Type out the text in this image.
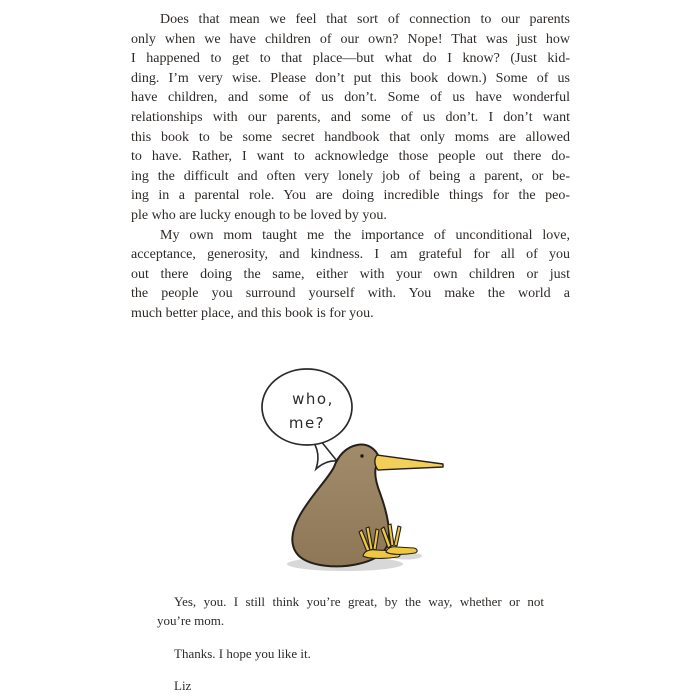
Does that mean we feel that sort of connection to our parents
only when we have children of our own? Nope! That was just how
I happened to get to that place—but what do I know? (Just kid-
ding. I’m very wise. Please don’t put this book down.) Some of us
have children, and some of us don’t. Some of us have wonderful
relationships with our parents, and some of us don’t. I don’t want
this book to be some secret handbook that only moms are allowed
to have. Rather, I want to acknowledge those people out there do-
ing the difficult and often very lonely job of being a parent, or be-
ing in a parental role. You are doing incredible things for the peo-
ple who are lucky enough to be loved by you.
My own mom taught me the importance of unconditional love,
acceptance, generosity, and kindness. I am grateful for all of you
out there doing the same, either with your own children or just
the people you surround yourself with. You make the world a
much better place, and this book is for you.
who,
me?
Yes, you. I still think you’re great, by the way, whether or not
you’re mom.
Thanks. I hope you like it.
Liz
